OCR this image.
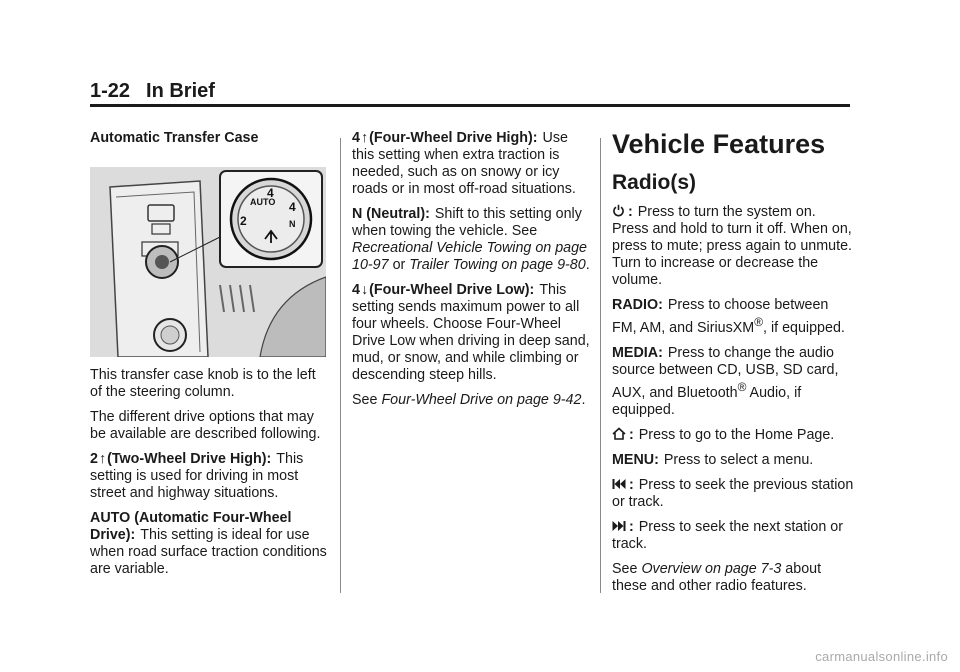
1-22 In Brief

Automatic Transfer Case

AUTO
4
4
2	N

This transfer case knob is to the left of the steering column.

The different drive options that may be available are described following.

2↑(Two-Wheel Drive High): This setting is used for driving in most street and highway situations.

AUTO (Automatic Four-Wheel Drive): This setting is ideal for use when road surface traction conditions are variable.

4↑(Four-Wheel Drive High): Use this setting when extra traction is needed, such as on snowy or icy roads or in most off-road situations.

N (Neutral): Shift to this setting only when towing the vehicle. See Recreational Vehicle Towing on page 10-97 or Trailer Towing on page 9-80.

4↓(Four-Wheel Drive Low): This setting sends maximum power to all four wheels. Choose Four-Wheel Drive Low when driving in deep sand, mud, or snow, and while climbing or descending steep hills.

See Four-Wheel Drive on page 9-42.

Vehicle Features
Radio(s)

: Press to turn the system on. Press and hold to turn it off. When on, press to mute; press again to unmute. Turn to increase or decrease the volume.

RADIO: Press to choose between FM, AM, and SiriusXM®, if equipped.

MEDIA: Press to change the audio source between CD, USB, SD card, AUX, and Bluetooth® Audio, if equipped.

: Press to go to the Home Page.

MENU: Press to select a menu.

: Press to seek the previous station or track.

: Press to seek the next station or track.

See Overview on page 7-3 about these and other radio features.

carmanualsonline.info
